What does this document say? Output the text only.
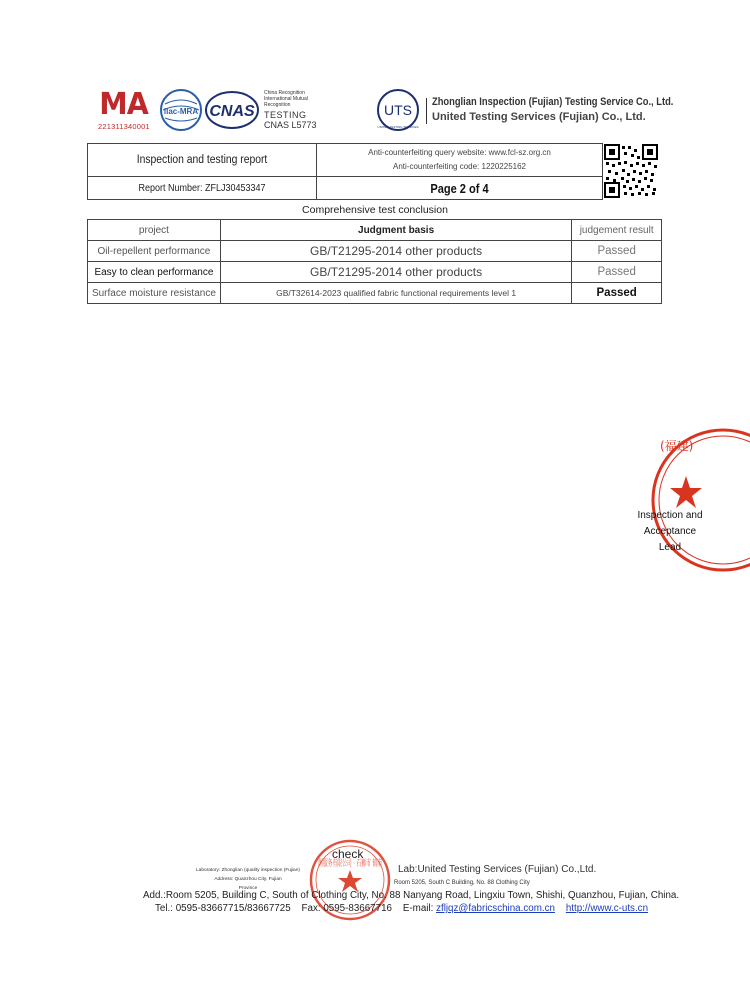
MA
221311340001
ilac-MRA CNAS
China Recognition
International Mutual
Recognition
TESTING
CNAS L5773
UTS
UNITED TESTING SERVICES
Zhonglian Inspection (Fujian) Testing Service Co., Ltd.
United Testing Services (Fujian) Co., Ltd.
Inspection and testing report	Anti-counterfeiting query website: www.fcl-sz.org.cn
Anti-counterfeiting code: 1220225162

Report Number: ZFLJ30453347	Page 2 of 4
Comprehensive test conclusion
project	Judgment basis	judgement result
Oil-repellent performance	GB/T21295-2014 other products	Passed
Easy to clean performance	GB/T21295-2014 other products	Passed
Surface moisture resistance	GB/T32614-2023 qualified fabric functional requirements level 1	Passed
(福建)
Inspection and
Acceptance
Lead
Laboratory: Zhonglian (quality inspection (Fujian)
Address: Quanzhou City, Fujian
Province
测服务有限公司 · 石狮市 镇南
check
Lab:United Testing Services (Fujian) Co.,Ltd.
Room 5205, South C Building, No. 88 Clothing City
Add.:Room 5205, Building C, South of Clothing City, No. 88 Nanyang Road, Lingxiu Town, Shishi, Quanzhou, Fujian, China.
Tel.: 0595-83667715/83667725 Fax: 0595-83667716 E-mail: zfljqz@fabricschina.com.cn http://www.c-uts.cn
